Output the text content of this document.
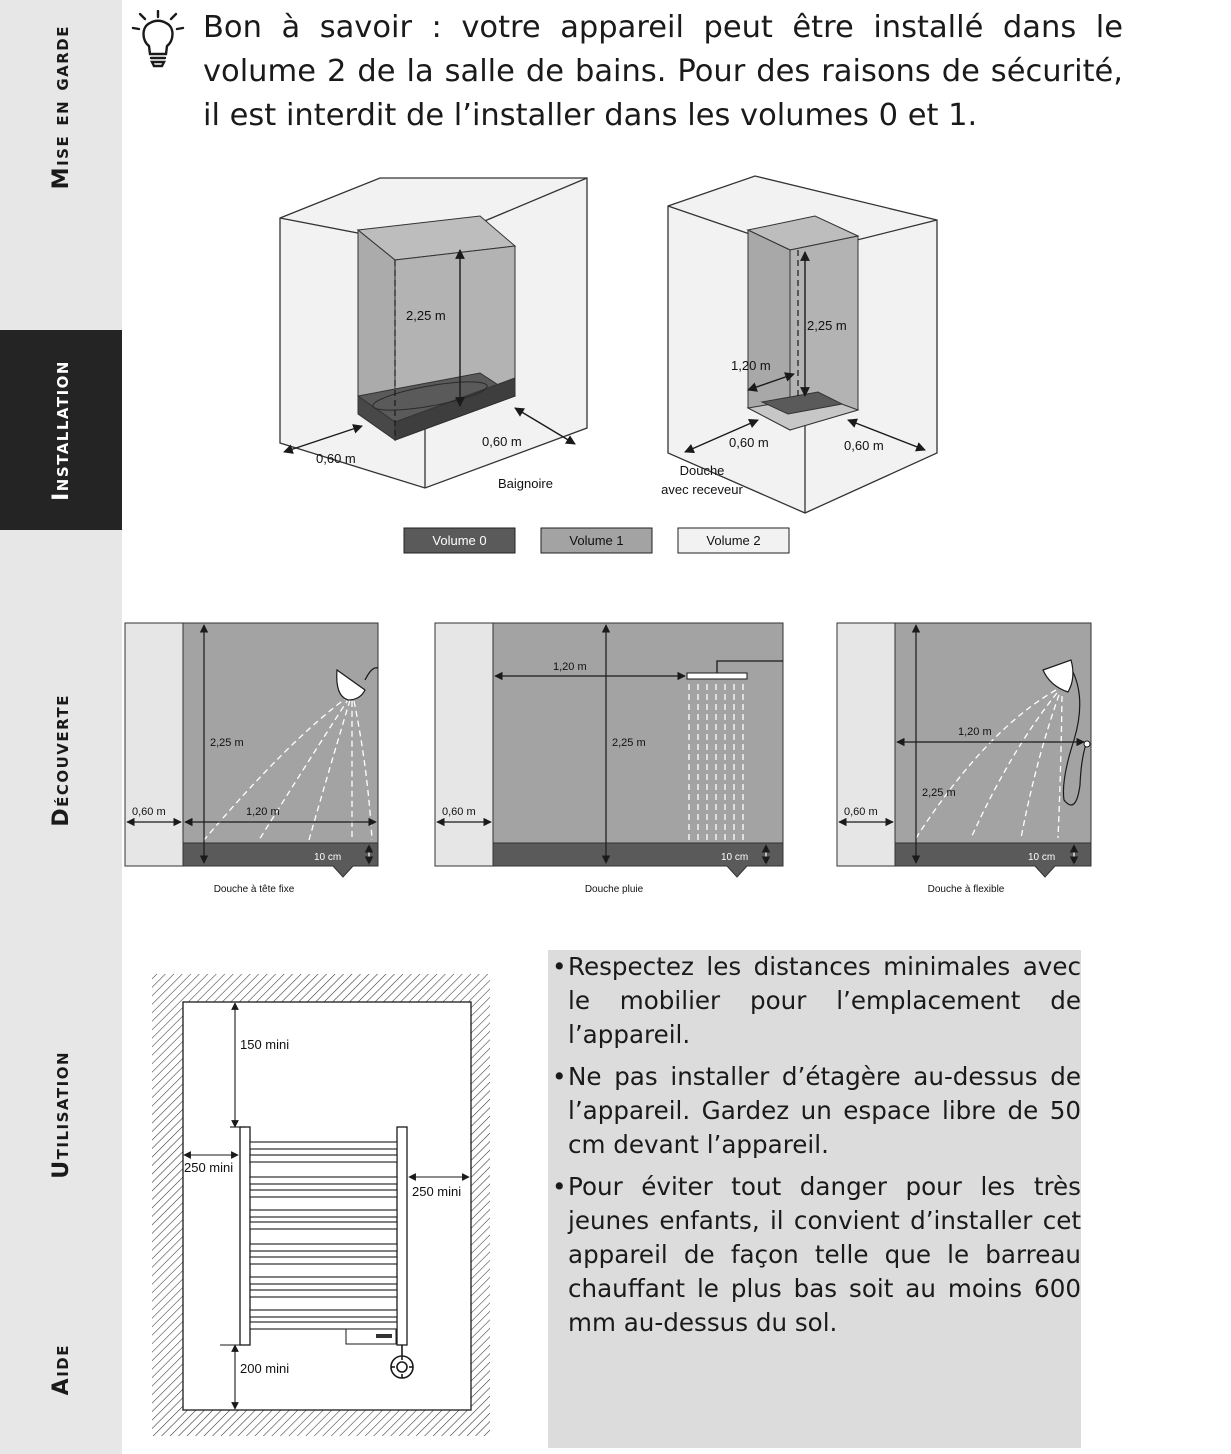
Mise en garde
Installation
Découverte
Utilisation
Aide

Bon à savoir : votre appareil peut être installé dans le volume 2 de la salle de bains. Pour des raisons de sécurité, il est interdit de l’installer dans les volumes 0 et 1.

2,25 m
0,60 m
0,60 m
Baignoire
2,25 m
1,20 m
0,60 m	0,60 m
Douche
avec receveur
Volume 0	Volume 1	Volume 2
2,25 m
0,60 m	1,20 m
10 cm
Douche à tête fixe
2,25 m
0,60 m
1,20 m
10 cm
Douche pluie
2,25 m
0,60 m
1,20 m
10 cm
Douche à flexible
150 mini
250 mini
250 mini
200 mini
• Respectez les distances minimales avec le mobilier pour l’emplacement de l’appareil.
• Ne pas installer d’étagère au-dessus de l’appareil. Gardez un espace libre de 50 cm devant l’appareil.
• Pour éviter tout danger pour les très jeunes enfants, il convient d’installer cet appareil de façon telle que le barreau chauffant le plus bas soit au moins 600 mm au-dessus du sol.
